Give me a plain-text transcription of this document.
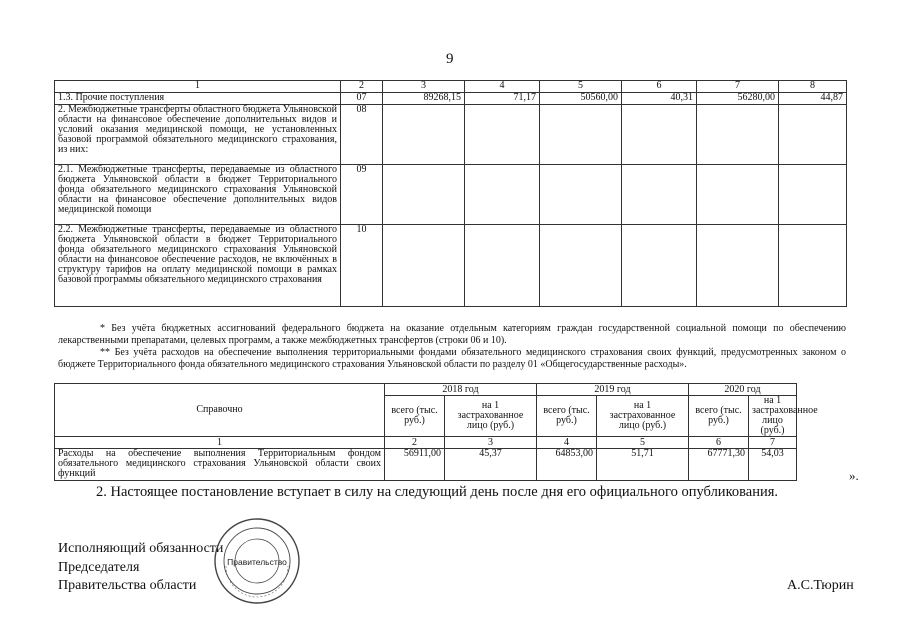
9
1	2	3	4	5	6	7	8
1.3. Прочие поступления	07	89268,15	71,17	50560,00	40,31	56280,00	44,87
2. Межбюджетные трансферты областного бюджета Ульяновской области на финансовое обеспечение дополнительных видов и условий оказания медицинской помощи, не установленных базовой программой обязательного медицинского страхования, из них:	08						
2.1. Межбюджетные трансферты, передаваемые из областного бюджета Ульяновской области в бюджет Территориального фонда обязательного медицинского страхования Ульяновской области на финансовое обеспечение дополнительных видов медицинской помощи	09						
2.2. Межбюджетные трансферты, передаваемые из областного бюджета Ульяновской области в бюджет Территориального фонда обязательного медицинского страхования Ульяновской области на финансовое обеспечение расходов, не включённых в структуру тарифов на оплату медицинской помощи в рамках базовой программы обязательного медицинского страхования	10						
* Без учёта бюджетных ассигнований федерального бюджета на оказание отдельным категориям граждан государственной социальной помощи по обеспечению лекарственными препаратами, целевых программ, а также межбюджетных трансфертов (строки 06 и 10).
** Без учёта расходов на обеспечение выполнения территориальными фондами обязательного медицинского страхования своих функций, предусмотренных законом о бюджете Территориального фонда обязательного медицинского страхования Ульяновской области по разделу 01 «Общегосударственные расходы».
Справочно	2018 год		2019 год		2020 год	
	всего (тыс. руб.)	на 1 застрахованное лицо (руб.)	всего (тыс. руб.)	на 1 застрахованное лицо (руб.)	всего (тыс. руб.)	на 1 застрахованное лицо (руб.)
1	2	3	4	5	6	7
Расходы на обеспечение выполнения Территориальным фондом обязательного медицинского страхования Ульяновской области своих функций	56911,00	45,37	64853,00	51,71	67771,30	54,03
».
2. Настоящее постановление вступает в силу на следующий день после дня его официального опубликования.
Исполняющий обязанности
Председателя
Правительства области	А.С.Тюрин
Правительство
